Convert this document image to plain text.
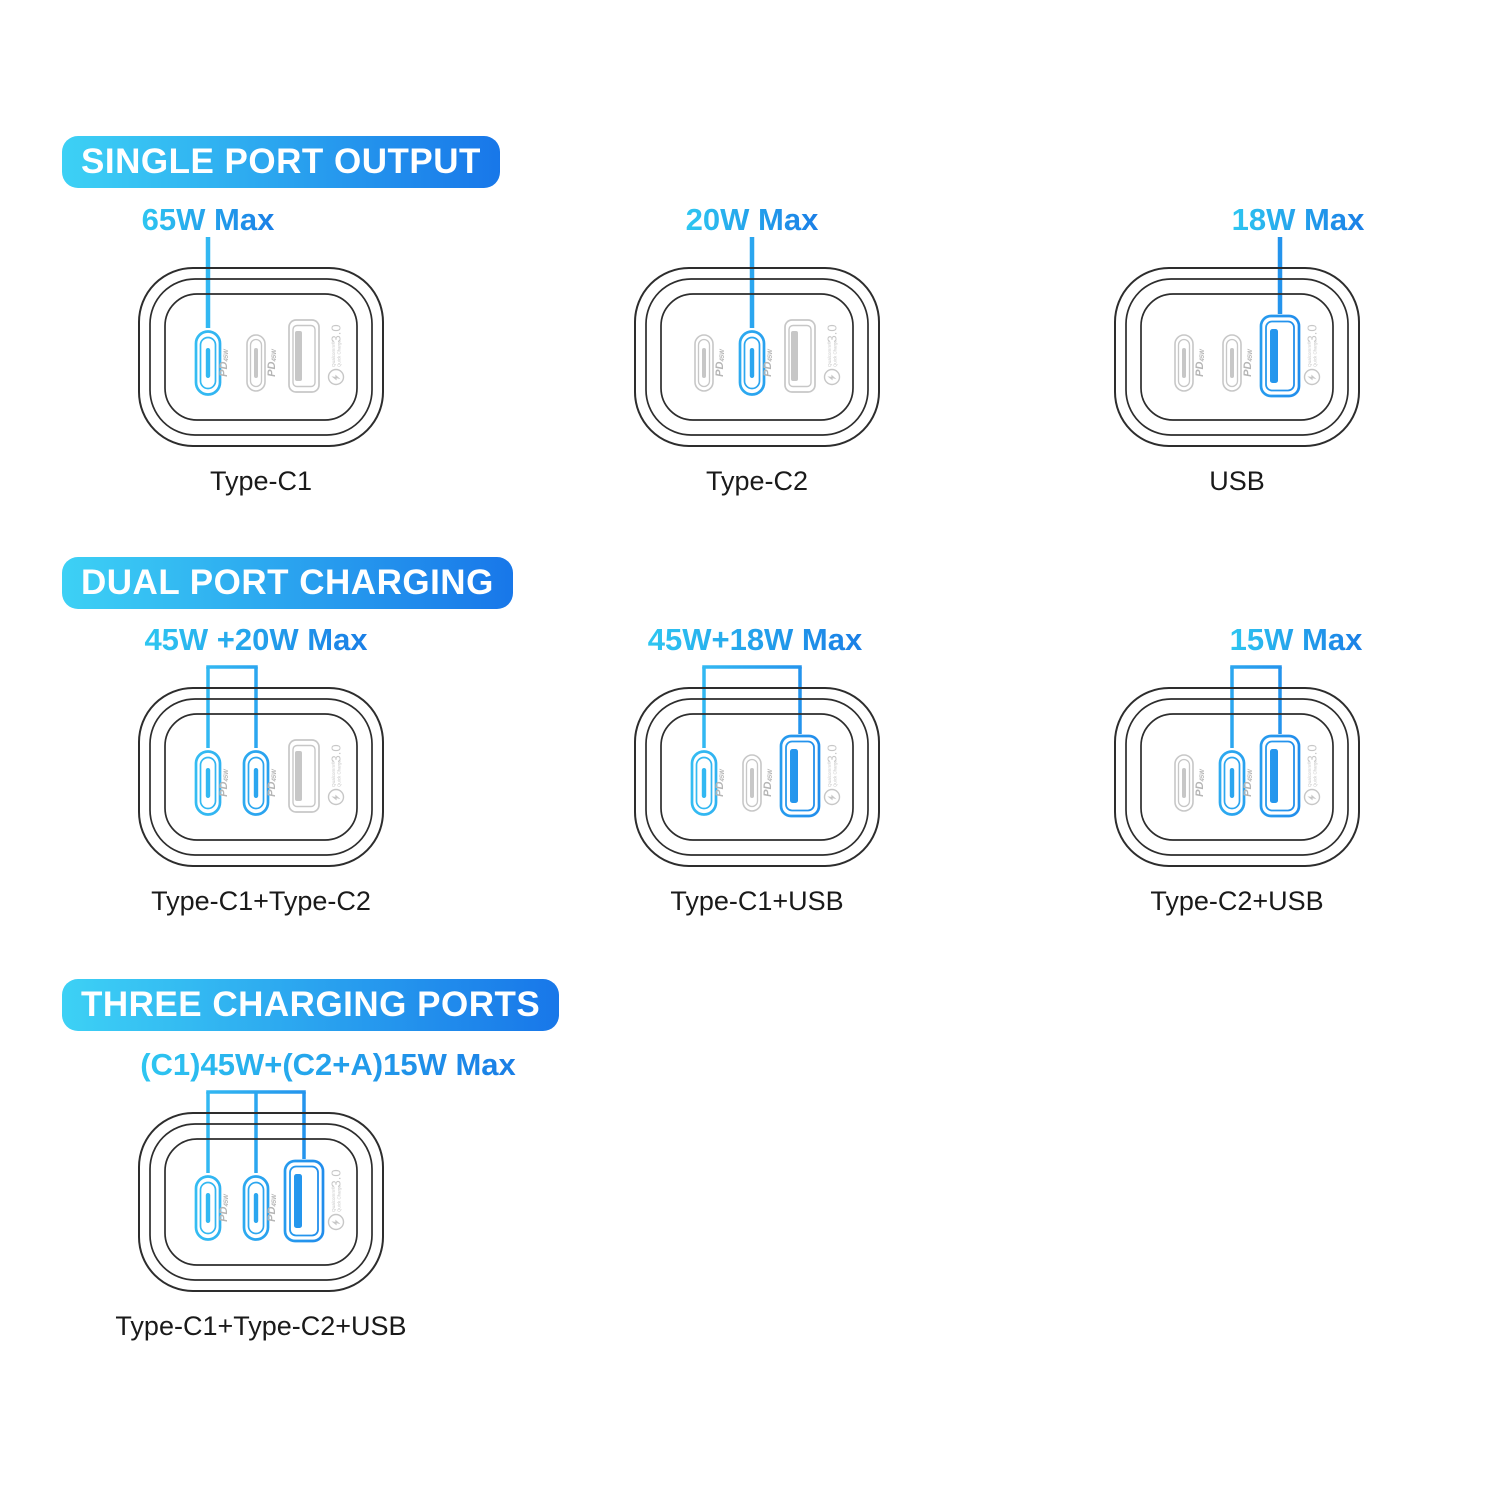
SINGLE PORT OUTPUT
65W Max
PD45W
PD45W	Qualcomm® Quick Charge
3.0
Type-C1
20W Max
PD45W
PD45W	Qualcomm® Quick Charge
3.0
Type-C2
18W Max
PD45W
PD45W	Qualcomm® Quick Charge
3.0
USB
DUAL PORT CHARGING
45W +20W Max
PD45W
PD45W	Qualcomm® Quick Charge
3.0
Type-C1+Type-C2
45W+18W Max
PD45W
PD45W	Qualcomm® Quick Charge
3.0
Type-C1+USB
15W Max
PD45W
PD45W	Qualcomm® Quick Charge
3.0
Type-C2+USB
THREE CHARGING PORTS
(C1)45W+(C2+A)15W Max
PD45W
PD45W	Qualcomm® Quick Charge
3.0
Type-C1+Type-C2+USB
